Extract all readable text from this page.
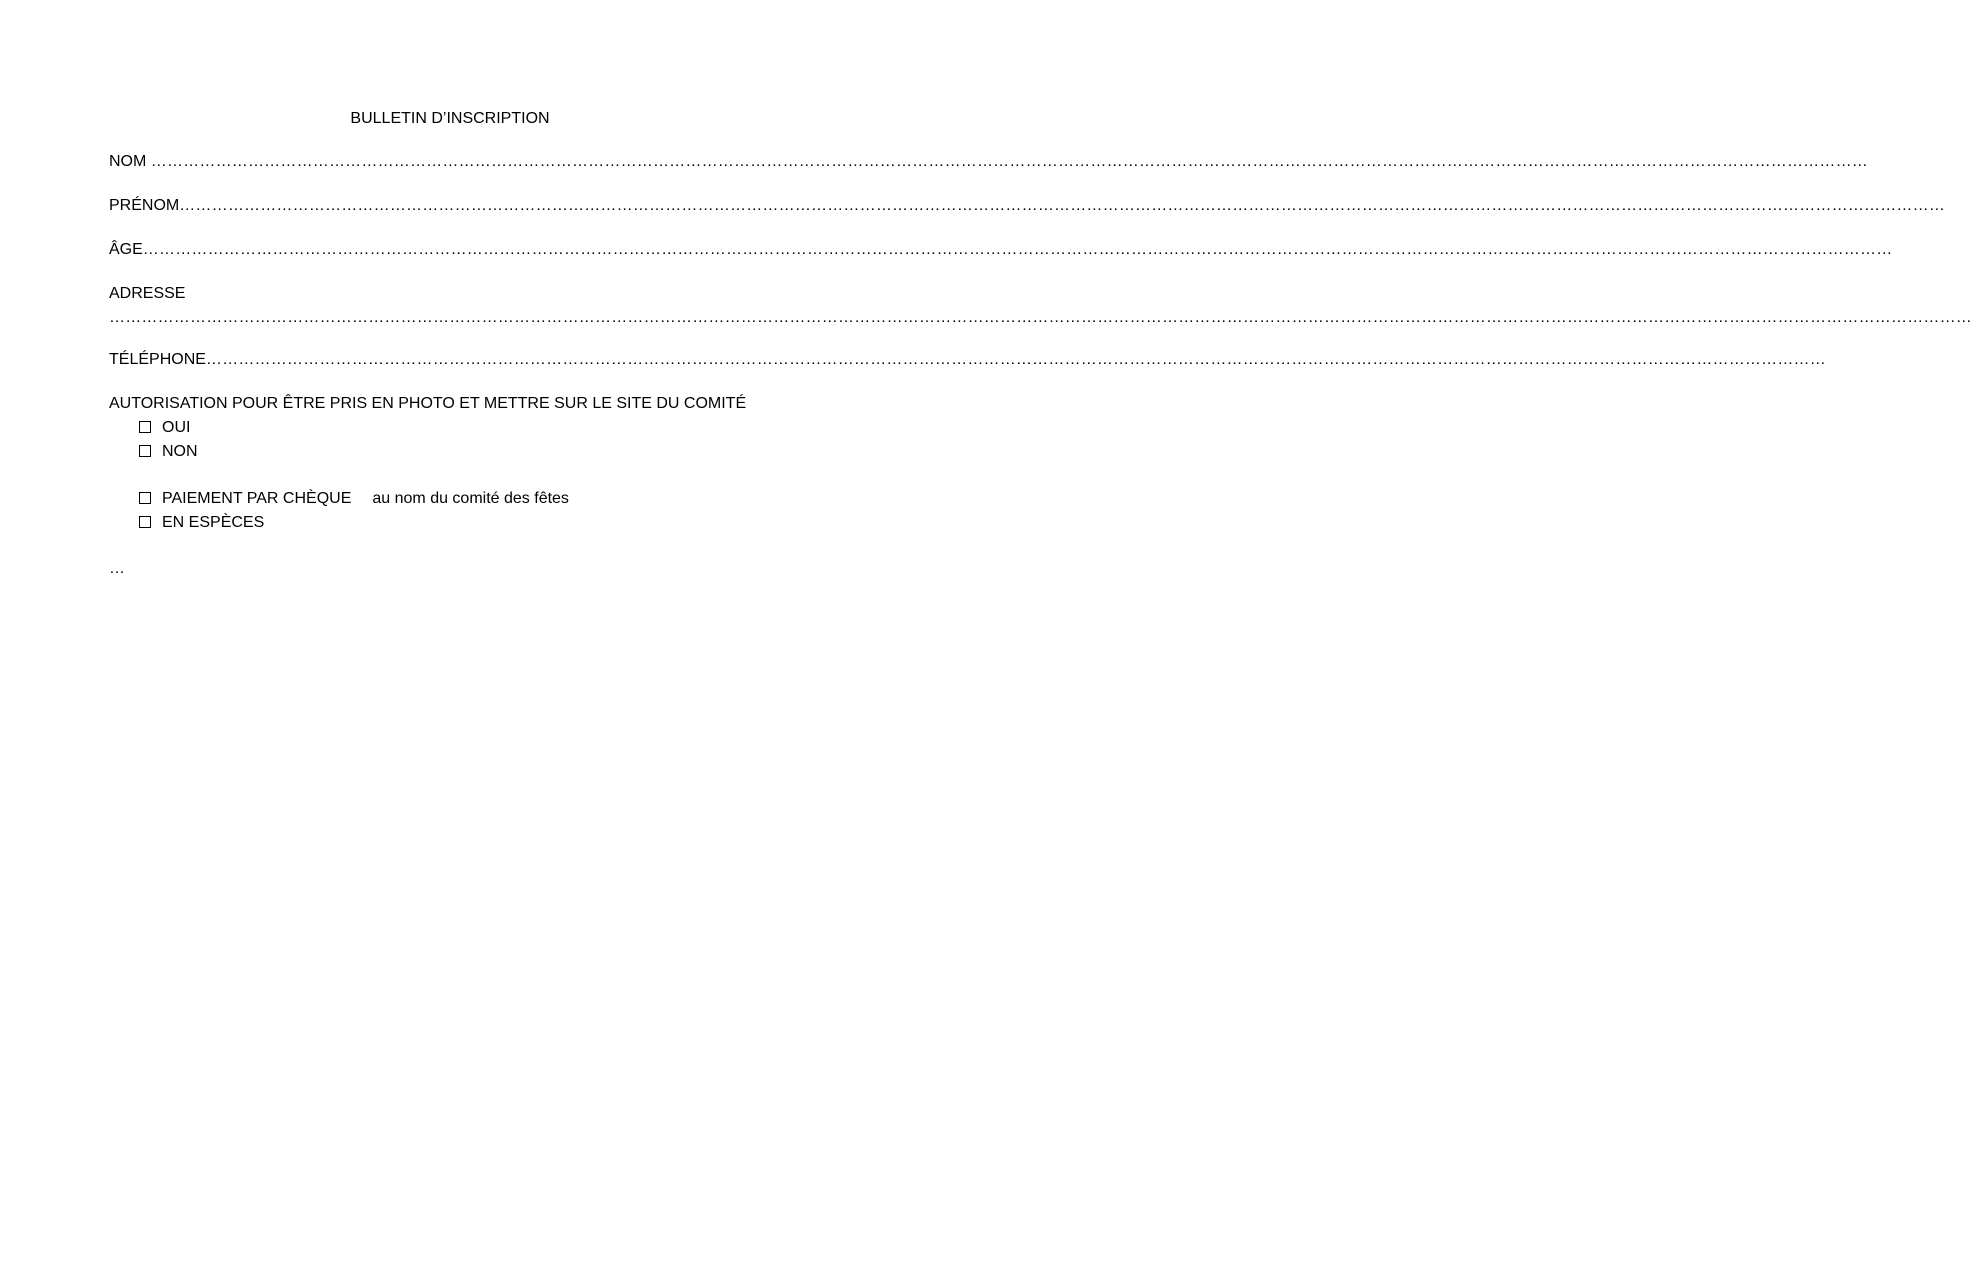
BULLETIN D’INSCRIPTION
NOM …………………………………………………………………………………………………………………………………………………………………………………………………………………………………………………………………………………………
PRÉNOM…………………………………………………………………………………………………………………………………………………………………………………………………………………………………………………………………………………………………
ÂGE………………………………………………………………………………………………………………………………………………………………………………………………………………………………………………………………………………………………
ADRESSE
…………………………………………………………………………………………………………………………………………………………………………………………………………………………………………………………………………………………………………………
TÉLÉPHONE…………………………………………………………………………………………………………………………………………………………………………………………………………………………………………………………………………
AUTORISATION POUR ÊTRE PRIS EN PHOTO ET METTRE SUR LE SITE DU COMITÉ
OUI
NON
PAIEMENT PAR CHÈQUE au nom du comité des fêtes
EN ESPÈCES
…
